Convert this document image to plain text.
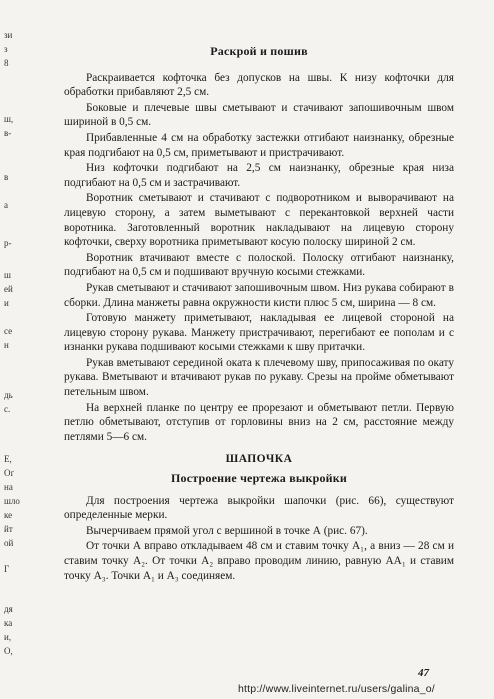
зи
з
8
ш,
в-
в
а
р-
ш
ей
и
се
н
дь
с.
Е,
Оґ
на
шло
ке
йт
ой
Г
дя
ка
и,
О,
Раскрой и пошив

Раскраивается кофточка без допусков на швы. К низу кофточки для обработки прибавляют 2,5 см.

Боковые и плечевые швы сметывают и стачивают запошивочным швом шириной в 0,5 см.

Прибавленные 4 см на обработку застежки отгибают наизнанку, обрезные края подгибают на 0,5 см, приметывают и пристрачивают.

Низ кофточки подгибают на 2,5 см наизнанку, обрезные края низа подгибают на 0,5 см и застрачивают.

Воротник сметывают и стачивают с подворотником и выворачивают на лицевую сторону, а затем выметывают с перекантовкой верхней части воротника. Заготовленный воротник накладывают на лицевую сторону кофточки, сверху воротника приметывают косую полоску шириной 2 см.

Воротник втачивают вместе с полоской. Полоску отгибают наизнанку, подгибают на 0,5 см и подшивают вручную косыми стежками.

Рукав сметывают и стачивают запошивочным швом. Низ рукава собирают в сборки. Длина манжеты равна окружности кисти плюс 5 см, ширина — 8 см.

Готовую манжету приметывают, накладывая ее лицевой стороной на лицевую сторону рукава. Манжету пристрачивают, перегибают ее пополам и с изнанки рукава подшивают косыми стежками к шву притачки.

Рукав вметывают серединой оката к плечевому шву, припосаживая по окату рукава. Вметывают и втачивают рукав по рукаву. Срезы на пройме обметывают петельным швом.

На верхней планке по центру ее прорезают и обметывают петли. Первую петлю обметывают, отступив от горловины вниз на 2 см, расстояние между петлями 5—6 см.

ШАПОЧКА
Построение чертежа выкройки

Для построения чертежа выкройки шапочки (рис. 66), существуют определенные мерки.

Вычерчиваем прямой угол с вершиной в точке А (рис. 67).

От точки А вправо откладываем 48 см и ставим точку А₁, а вниз — 28 см и ставим точку А₂. От точки А₂ вправо проводим линию, равную АА₁ и ставим точку А₃. Точки А₁ и А₃ соединяем.

47
http://www.liveinternet.ru/users/galina_o/
